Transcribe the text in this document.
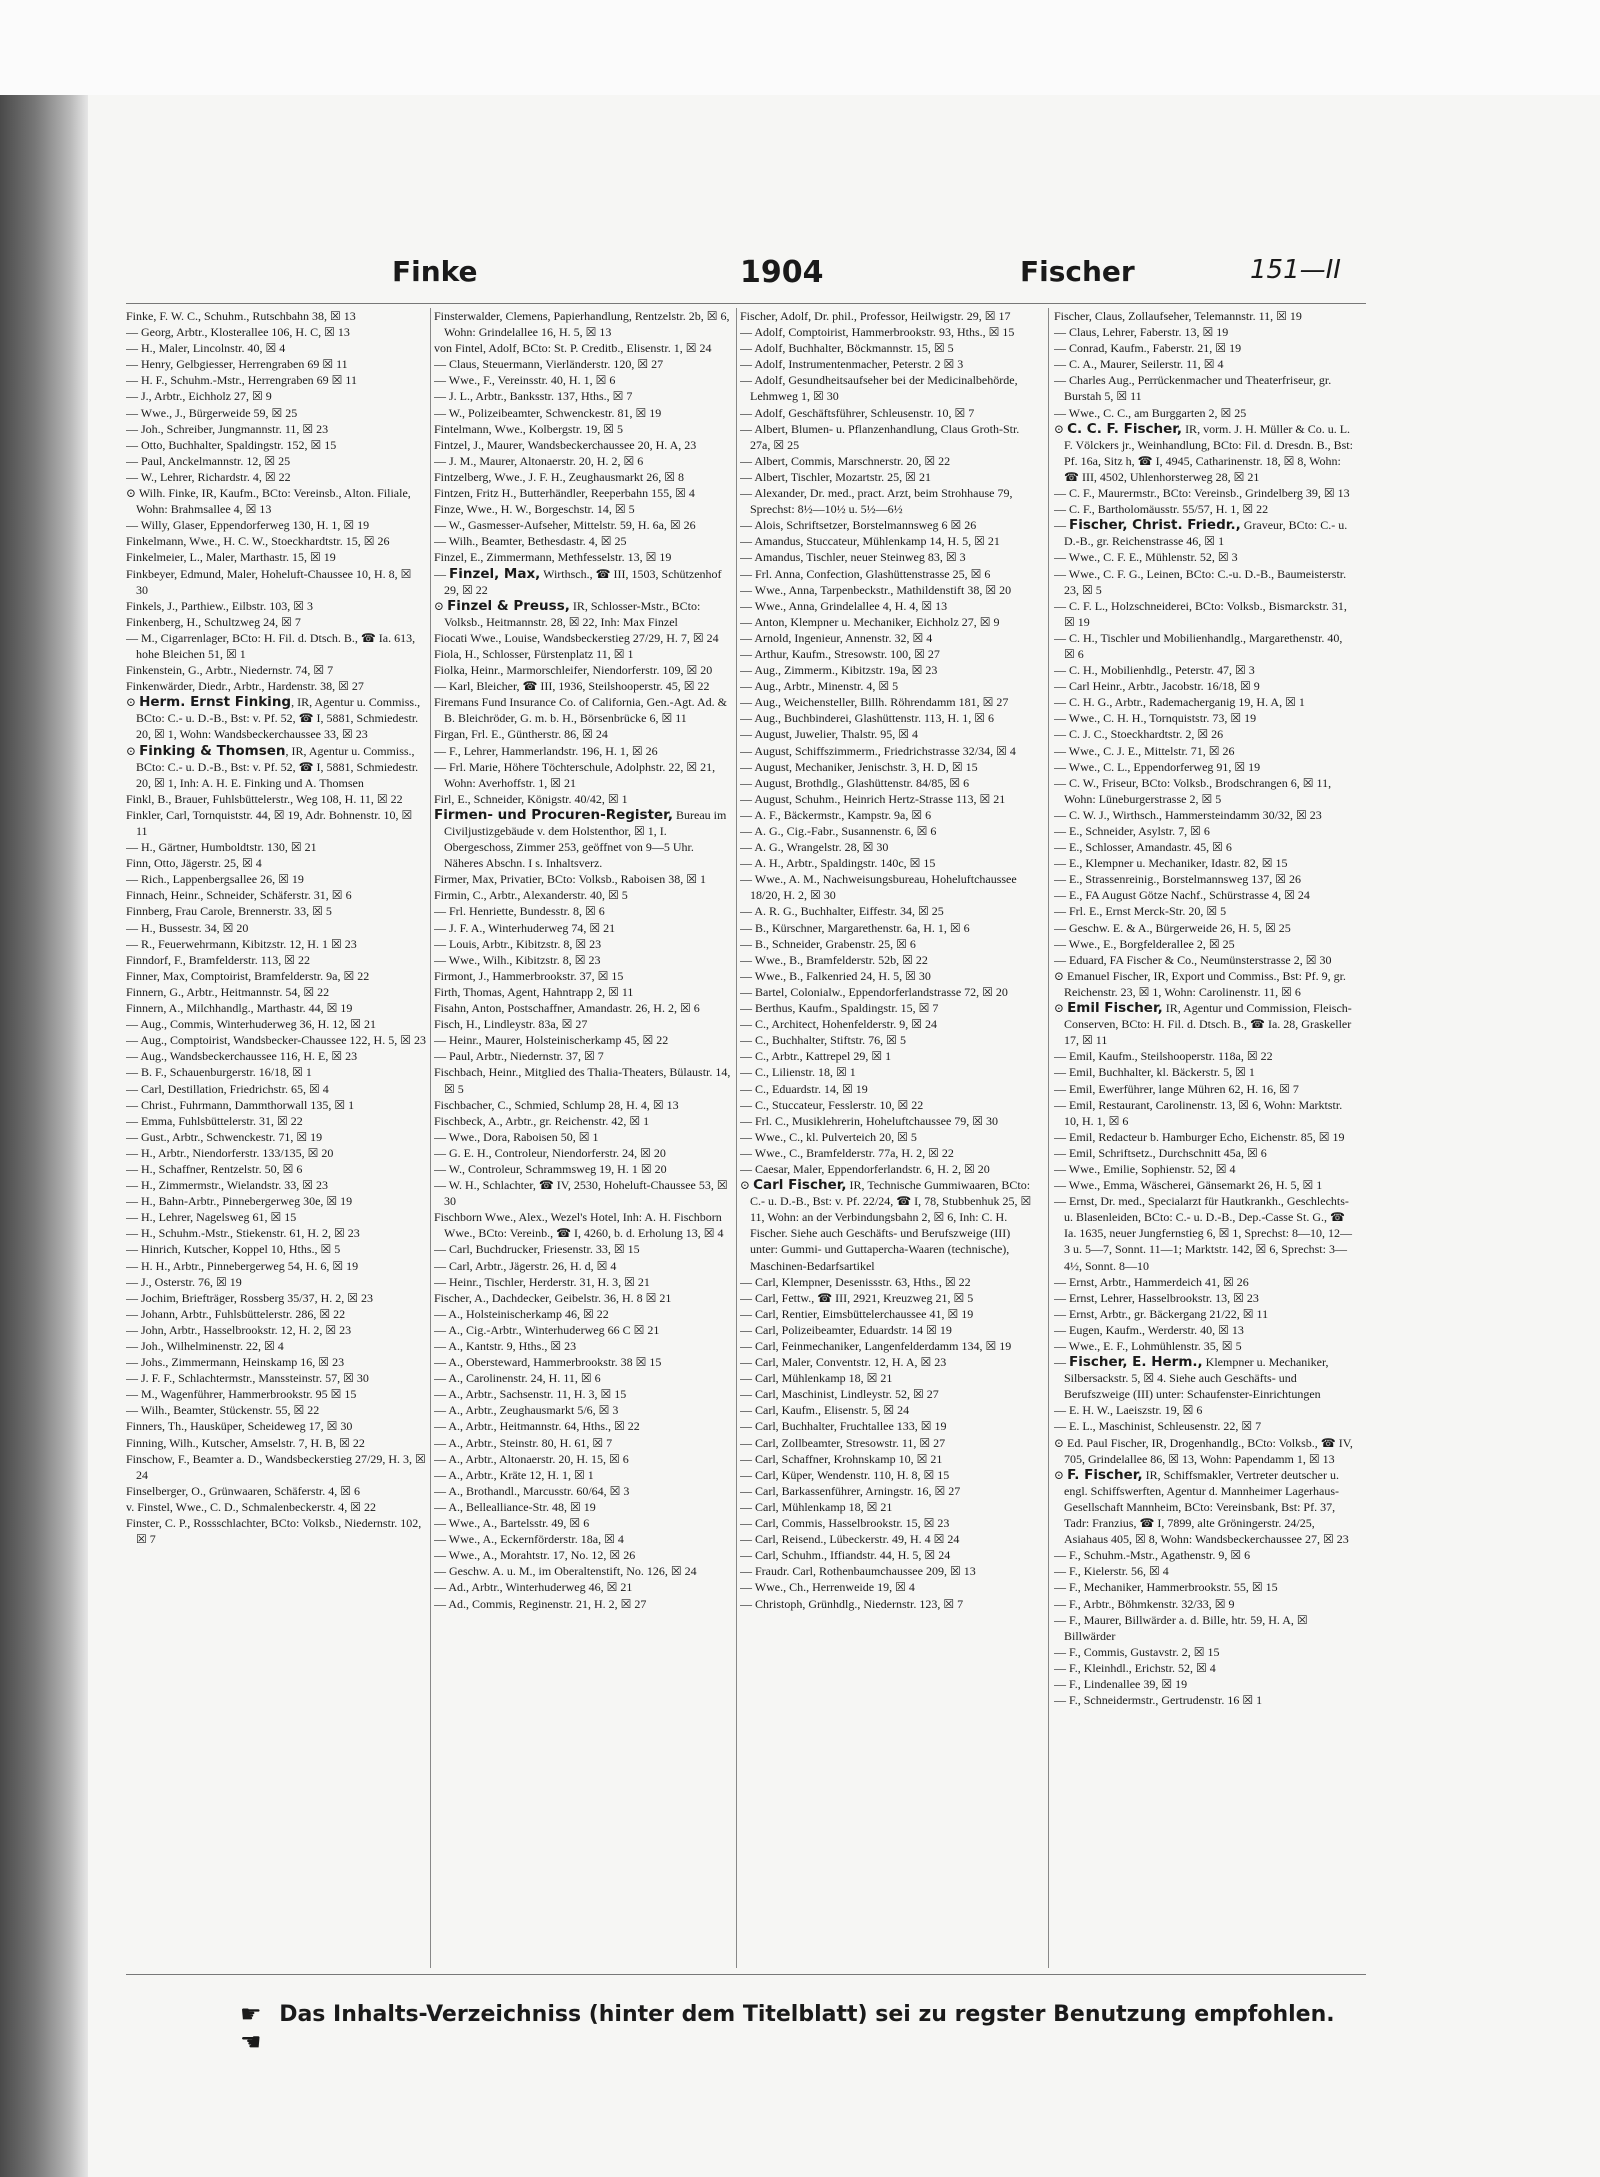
Finke	1904	Fischer	151—II

Finke, F. W. C., Schuhm., Rutschbahn 38, ☒ 13

— Georg, Arbtr., Klosterallee 106, H. C, ☒ 13

— H., Maler, Lincolnstr. 40, ☒ 4

— Henry, Gelbgiesser, Herrengraben 69 ☒ 11

— H. F., Schuhm.-Mstr., Herrengraben 69 ☒ 11

— J., Arbtr., Eichholz 27, ☒ 9

— Wwe., J., Bürgerweide 59, ☒ 25

— Joh., Schreiber, Jungmannstr. 11, ☒ 23

— Otto, Buchhalter, Spaldingstr. 152, ☒ 15

— Paul, Anckelmannstr. 12, ☒ 25

— W., Lehrer, Richardstr. 4, ☒ 22

⊙ Wilh. Finke, IR, Kaufm., BCto: Vereinsb., Alton. Filiale, Wohn: Brahmsallee 4, ☒ 13

— Willy, Glaser, Eppendorferweg 130, H. 1, ☒ 19

Finkelmann, Wwe., H. C. W., Stoeckhardtstr. 15, ☒ 26

Finkelmeier, L., Maler, Marthastr. 15, ☒ 19

Finkbeyer, Edmund, Maler, Hoheluft-Chaussee 10, H. 8, ☒ 30

Finkels, J., Parthiew., Eilbstr. 103, ☒ 3

Finkenberg, H., Schultzweg 24, ☒ 7

— M., Cigarrenlager, BCto: H. Fil. d. Dtsch. B., ☎ Ia. 613, hohe Bleichen 51, ☒ 1

Finkenstein, G., Arbtr., Niedernstr. 74, ☒ 7

Finkenwärder, Diedr., Arbtr., Hardenstr. 38, ☒ 27

⊙ Herm. Ernst Finking, IR, Agentur u. Commiss., BCto: C.- u. D.-B., Bst: v. Pf. 52, ☎ I, 5881, Schmiedestr. 20, ☒ 1, Wohn: Wandsbeckerchaussee 33, ☒ 23

⊙ Finking & Thomsen, IR, Agentur u. Commiss., BCto: C.- u. D.-B., Bst: v. Pf. 52, ☎ I, 5881, Schmiedestr. 20, ☒ 1, Inh: A. H. E. Finking und A. Thomsen

Finkl, B., Brauer, Fuhlsbüttelerstr., Weg 108, H. 11, ☒ 22

Finkler, Carl, Tornquiststr. 44, ☒ 19, Adr. Bohnenstr. 10, ☒ 11

— H., Gärtner, Humboldtstr. 130, ☒ 21

Finn, Otto, Jägerstr. 25, ☒ 4

— Rich., Lappenbergsallee 26, ☒ 19

Finnach, Heinr., Schneider, Schäferstr. 31, ☒ 6

Finnberg, Frau Carole, Brennerstr. 33, ☒ 5

— H., Bussestr. 34, ☒ 20

— R., Feuerwehrmann, Kibitzstr. 12, H. 1 ☒ 23

Finndorf, F., Bramfelderstr. 113, ☒ 22

Finner, Max, Comptoirist, Bramfelderstr. 9a, ☒ 22

Finnern, G., Arbtr., Heitmannstr. 54, ☒ 22

Finnern, A., Milchhandlg., Marthastr. 44, ☒ 19

— Aug., Commis, Winterhuderweg 36, H. 12, ☒ 21

— Aug., Comptoirist, Wandsbecker-Chaussee 122, H. 5, ☒ 23

— Aug., Wandsbeckerchaussee 116, H. E, ☒ 23

— B. F., Schauenburgerstr. 16/18, ☒ 1

— Carl, Destillation, Friedrichstr. 65, ☒ 4

— Christ., Fuhrmann, Dammthorwall 135, ☒ 1

— Emma, Fuhlsbüttelerstr. 31, ☒ 22

— Gust., Arbtr., Schwenckestr. 71, ☒ 19

— H., Arbtr., Niendorferstr. 133/135, ☒ 20

— H., Schaffner, Rentzelstr. 50, ☒ 6

— H., Zimmermstr., Wielandstr. 33, ☒ 23

— H., Bahn-Arbtr., Pinnebergerweg 30e, ☒ 19

— H., Lehrer, Nagelsweg 61, ☒ 15

— H., Schuhm.-Mstr., Stiekenstr. 61, H. 2, ☒ 23

— Hinrich, Kutscher, Koppel 10, Hths., ☒ 5

— H. H., Arbtr., Pinnebergerweg 54, H. 6, ☒ 19

— J., Osterstr. 76, ☒ 19

— Jochim, Briefträger, Rossberg 35/37, H. 2, ☒ 23

— Johann, Arbtr., Fuhlsbüttelerstr. 286, ☒ 22

— John, Arbtr., Hasselbrookstr. 12, H. 2, ☒ 23

— Joh., Wilhelminenstr. 22, ☒ 4

— Johs., Zimmermann, Heinskamp 16, ☒ 23

— J. F. F., Schlachtermstr., Manssteinstr. 57, ☒ 30

— M., Wagenführer, Hammerbrookstr. 95 ☒ 15

— Wilh., Beamter, Stückenstr. 55, ☒ 22

Finners, Th., Hausküper, Scheideweg 17, ☒ 30

Finning, Wilh., Kutscher, Amselstr. 7, H. B, ☒ 22

Finschow, F., Beamter a. D., Wandsbeckerstieg 27/29, H. 3, ☒ 24

Finselberger, O., Grünwaaren, Schäferstr. 4, ☒ 6

v. Finstel, Wwe., C. D., Schmalenbeckerstr. 4, ☒ 22

Finster, C. P., Rossschlachter, BCto: Volksb., Niedernstr. 102, ☒ 7

Finsterwalder, Clemens, Papierhandlung, Rentzelstr. 2b, ☒ 6, Wohn: Grindelallee 16, H. 5, ☒ 13

von Fintel, Adolf, BCto: St. P. Creditb., Elisenstr. 1, ☒ 24

— Claus, Steuermann, Vierländerstr. 120, ☒ 27

— Wwe., F., Vereinsstr. 40, H. 1, ☒ 6

— J. L., Arbtr., Banksstr. 137, Hths., ☒ 7

— W., Polizeibeamter, Schwenckestr. 81, ☒ 19

Fintelmann, Wwe., Kolbergstr. 19, ☒ 5

Fintzel, J., Maurer, Wandsbeckerchaussee 20, H. A, 23

— J. M., Maurer, Altonaerstr. 20, H. 2, ☒ 6

Fintzelberg, Wwe., J. F. H., Zeughausmarkt 26, ☒ 8

Fintzen, Fritz H., Butterhändler, Reeperbahn 155, ☒ 4

Finze, Wwe., H. W., Borgeschstr. 14, ☒ 5

— W., Gasmesser-Aufseher, Mittelstr. 59, H. 6a, ☒ 26

— Wilh., Beamter, Bethesdastr. 4, ☒ 25

Finzel, E., Zimmermann, Methfesselstr. 13, ☒ 19

— Finzel, Max, Wirthsch., ☎ III, 1503, Schützenhof 29, ☒ 22

⊙ Finzel & Preuss, IR, Schlosser-Mstr., BCto: Volksb., Heitmannstr. 28, ☒ 22, Inh: Max Finzel

Fiocati Wwe., Louise, Wandsbeckerstieg 27/29, H. 7, ☒ 24

Fiola, H., Schlosser, Fürstenplatz 11, ☒ 1

Fiolka, Heinr., Marmorschleifer, Niendorferstr. 109, ☒ 20

— Karl, Bleicher, ☎ III, 1936, Steilshooperstr. 45, ☒ 22

Firemans Fund Insurance Co. of California, Gen.-Agt. Ad. & B. Bleichröder, G. m. b. H., Börsenbrücke 6, ☒ 11

Firgan, Frl. E., Güntherstr. 86, ☒ 24

— F., Lehrer, Hammerlandstr. 196, H. 1, ☒ 26

— Frl. Marie, Höhere Töchterschule, Adolphstr. 22, ☒ 21, Wohn: Averhoffstr. 1, ☒ 21

Firl, E., Schneider, Königstr. 40/42, ☒ 1

Firmen- und Procuren-Register, Bureau im Civiljustizgebäude v. dem Holstenthor, ☒ 1, I. Obergeschoss, Zimmer 253, geöffnet von 9—5 Uhr. Näheres Abschn. I s. Inhaltsverz.

Firmer, Max, Privatier, BCto: Volksb., Raboisen 38, ☒ 1

Firmin, C., Arbtr., Alexanderstr. 40, ☒ 5

— Frl. Henriette, Bundesstr. 8, ☒ 6

— J. F. A., Winterhuderweg 74, ☒ 21

— Louis, Arbtr., Kibitzstr. 8, ☒ 23

— Wwe., Wilh., Kibitzstr. 8, ☒ 23

Firmont, J., Hammerbrookstr. 37, ☒ 15

Firth, Thomas, Agent, Hahntrapp 2, ☒ 11

Fisahn, Anton, Postschaffner, Amandastr. 26, H. 2, ☒ 6

Fisch, H., Lindleystr. 83a, ☒ 27

— Heinr., Maurer, Holsteinischerkamp 45, ☒ 22

— Paul, Arbtr., Niedernstr. 37, ☒ 7

Fischbach, Heinr., Mitglied des Thalia-Theaters, Bülaustr. 14, ☒ 5

Fischbacher, C., Schmied, Schlump 28, H. 4, ☒ 13

Fischbeck, A., Arbtr., gr. Reichenstr. 42, ☒ 1

— Wwe., Dora, Raboisen 50, ☒ 1

— G. E. H., Controleur, Niendorferstr. 24, ☒ 20

— W., Controleur, Schrammsweg 19, H. 1 ☒ 20

— W. H., Schlachter, ☎ IV, 2530, Hoheluft-Chaussee 53, ☒ 30

Fischborn Wwe., Alex., Wezel's Hotel, Inh: A. H. Fischborn Wwe., BCto: Vereinb., ☎ I, 4260, b. d. Erholung 13, ☒ 4

— Carl, Buchdrucker, Friesenstr. 33, ☒ 15

— Carl, Arbtr., Jägerstr. 26, H. d, ☒ 4

— Heinr., Tischler, Herderstr. 31, H. 3, ☒ 21

Fischer, A., Dachdecker, Geibelstr. 36, H. 8 ☒ 21

— A., Holsteinischerkamp 46, ☒ 22

— A., Cig.-Arbtr., Winterhuderweg 66 C ☒ 21

— A., Kantstr. 9, Hths., ☒ 23

— A., Obersteward, Hammerbrookstr. 38 ☒ 15

— A., Carolinenstr. 24, H. 11, ☒ 6

— A., Arbtr., Sachsenstr. 11, H. 3, ☒ 15

— A., Arbtr., Zeughausmarkt 5/6, ☒ 3

— A., Arbtr., Heitmannstr. 64, Hths., ☒ 22

— A., Arbtr., Steinstr. 80, H. 61, ☒ 7

— A., Arbtr., Altonaerstr. 20, H. 15, ☒ 6

— A., Arbtr., Kräte 12, H. 1, ☒ 1

— A., Brothandl., Marcusstr. 60/64, ☒ 3

— A., Bellealliance-Str. 48, ☒ 19

— Wwe., A., Bartelsstr. 49, ☒ 6

— Wwe., A., Eckernförderstr. 18a, ☒ 4

— Wwe., A., Morahtstr. 17, No. 12, ☒ 26

— Geschw. A. u. M., im Oberaltenstift, No. 126, ☒ 24

— Ad., Arbtr., Winterhuderweg 46, ☒ 21

— Ad., Commis, Reginenstr. 21, H. 2, ☒ 27

Fischer, Adolf, Dr. phil., Professor, Heilwigstr. 29, ☒ 17

— Adolf, Comptoirist, Hammerbrookstr. 93, Hths., ☒ 15

— Adolf, Buchhalter, Böckmannstr. 15, ☒ 5

— Adolf, Instrumentenmacher, Peterstr. 2 ☒ 3

— Adolf, Gesundheitsaufseher bei der Medicinalbehörde, Lehmweg 1, ☒ 30

— Adolf, Geschäftsführer, Schleusenstr. 10, ☒ 7

— Albert, Blumen- u. Pflanzenhandlung, Claus Groth-Str. 27a, ☒ 25

— Albert, Commis, Marschnerstr. 20, ☒ 22

— Albert, Tischler, Mozartstr. 25, ☒ 21

— Alexander, Dr. med., pract. Arzt, beim Strohhause 79, Sprechst: 8½—10½ u. 5½—6½

— Alois, Schriftsetzer, Borstelmannsweg 6 ☒ 26

— Amandus, Stuccateur, Mühlenkamp 14, H. 5, ☒ 21

— Amandus, Tischler, neuer Steinweg 83, ☒ 3

— Frl. Anna, Confection, Glashüttenstrasse 25, ☒ 6

— Wwe., Anna, Tarpenbeckstr., Mathildenstift 38, ☒ 20

— Wwe., Anna, Grindelallee 4, H. 4, ☒ 13

— Anton, Klempner u. Mechaniker, Eichholz 27, ☒ 9

— Arnold, Ingenieur, Annenstr. 32, ☒ 4

— Arthur, Kaufm., Stresowstr. 100, ☒ 27

— Aug., Zimmerm., Kibitzstr. 19a, ☒ 23

— Aug., Arbtr., Minenstr. 4, ☒ 5

— Aug., Weichensteller, Billh. Röhrendamm 181, ☒ 27

— Aug., Buchbinderei, Glashüttenstr. 113, H. 1, ☒ 6

— August, Juwelier, Thalstr. 95, ☒ 4

— August, Schiffszimmerm., Friedrichstrasse 32/34, ☒ 4

— August, Mechaniker, Jenischstr. 3, H. D, ☒ 15

— August, Brothdlg., Glashüttenstr. 84/85, ☒ 6

— August, Schuhm., Heinrich Hertz-Strasse 113, ☒ 21

— A. F., Bäckermstr., Kampstr. 9a, ☒ 6

— A. G., Cig.-Fabr., Susannenstr. 6, ☒ 6

— A. G., Wrangelstr. 28, ☒ 30

— A. H., Arbtr., Spaldingstr. 140c, ☒ 15

— Wwe., A. M., Nachweisungsbureau, Hoheluftchaussee 18/20, H. 2, ☒ 30

— A. R. G., Buchhalter, Eiffestr. 34, ☒ 25

— B., Kürschner, Margarethenstr. 6a, H. 1, ☒ 6

— B., Schneider, Grabenstr. 25, ☒ 6

— Wwe., B., Bramfelderstr. 52b, ☒ 22

— Wwe., B., Falkenried 24, H. 5, ☒ 30

— Bartel, Colonialw., Eppendorferlandstrasse 72, ☒ 20

— Berthus, Kaufm., Spaldingstr. 15, ☒ 7

— C., Architect, Hohenfelderstr. 9, ☒ 24

— C., Buchhalter, Stiftstr. 76, ☒ 5

— C., Arbtr., Kattrepel 29, ☒ 1

— C., Lilienstr. 18, ☒ 1

— C., Eduardstr. 14, ☒ 19

— C., Stuccateur, Fesslerstr. 10, ☒ 22

— Frl. C., Musiklehrerin, Hoheluftchaussee 79, ☒ 30

— Wwe., C., kl. Pulverteich 20, ☒ 5

— Wwe., C., Bramfelderstr. 77a, H. 2, ☒ 22

— Caesar, Maler, Eppendorferlandstr. 6, H. 2, ☒ 20

⊙ Carl Fischer, IR, Technische Gummiwaaren, BCto: C.- u. D.-B., Bst: v. Pf. 22/24, ☎ I, 78, Stubbenhuk 25, ☒ 11, Wohn: an der Verbindungsbahn 2, ☒ 6, Inh: C. H. Fischer. Siehe auch Geschäfts- und Berufszweige (III) unter: Gummi- und Guttapercha-Waaren (technische), Maschinen-Bedarfsartikel

— Carl, Klempner, Desenissstr. 63, Hths., ☒ 22

— Carl, Fettw., ☎ III, 2921, Kreuzweg 21, ☒ 5

— Carl, Rentier, Eimsbüttelerchaussee 41, ☒ 19

— Carl, Polizeibeamter, Eduardstr. 14 ☒ 19

— Carl, Feinmechaniker, Langenfelderdamm 134, ☒ 19

— Carl, Maler, Conventstr. 12, H. A, ☒ 23

— Carl, Mühlenkamp 18, ☒ 21

— Carl, Maschinist, Lindleystr. 52, ☒ 27

— Carl, Kaufm., Elisenstr. 5, ☒ 24

— Carl, Buchhalter, Fruchtallee 133, ☒ 19

— Carl, Zollbeamter, Stresowstr. 11, ☒ 27

— Carl, Schaffner, Krohnskamp 10, ☒ 21

— Carl, Küper, Wendenstr. 110, H. 8, ☒ 15

— Carl, Barkassenführer, Arningstr. 16, ☒ 27

— Carl, Mühlenkamp 18, ☒ 21

— Carl, Commis, Hasselbrookstr. 15, ☒ 23

— Carl, Reisend., Lübeckerstr. 49, H. 4 ☒ 24

— Carl, Schuhm., Iffiandstr. 44, H. 5, ☒ 24

— Fraudr. Carl, Rothenbaumchaussee 209, ☒ 13

— Wwe., Ch., Herrenweide 19, ☒ 4

— Christoph, Grünhdlg., Niedernstr. 123, ☒ 7

Fischer, Claus, Zollaufseher, Telemannstr. 11, ☒ 19

— Claus, Lehrer, Faberstr. 13, ☒ 19

— Conrad, Kaufm., Faberstr. 21, ☒ 19

— C. A., Maurer, Seilerstr. 11, ☒ 4

— Charles Aug., Perrückenmacher und Theaterfriseur, gr. Burstah 5, ☒ 11

— Wwe., C. C., am Burggarten 2, ☒ 25

⊙ C. C. F. Fischer, IR, vorm. J. H. Müller & Co. u. L. F. Völckers jr., Weinhandlung, BCto: Fil. d. Dresdn. B., Bst: Pf. 16a, Sitz h, ☎ I, 4945, Catharinenstr. 18, ☒ 8, Wohn: ☎ III, 4502, Uhlenhorsterweg 28, ☒ 21

— C. F., Maurermstr., BCto: Vereinsb., Grindelberg 39, ☒ 13

— C. F., Bartholomäusstr. 55/57, H. 1, ☒ 22

— Fischer, Christ. Friedr., Graveur, BCto: C.- u. D.-B., gr. Reichenstrasse 46, ☒ 1

— Wwe., C. F. E., Mühlenstr. 52, ☒ 3

— Wwe., C. F. G., Leinen, BCto: C.-u. D.-B., Baumeisterstr. 23, ☒ 5

— C. F. L., Holzschneiderei, BCto: Volksb., Bismarckstr. 31, ☒ 19

— C. H., Tischler und Mobilienhandlg., Margarethenstr. 40, ☒ 6

— C. H., Mobilienhdlg., Peterstr. 47, ☒ 3

— Carl Heinr., Arbtr., Jacobstr. 16/18, ☒ 9

— C. H. G., Arbtr., Rademacherganig 19, H. A, ☒ 1

— Wwe., C. H. H., Tornquiststr. 73, ☒ 19

— C. J. C., Stoeckhardtstr. 2, ☒ 26

— Wwe., C. J. E., Mittelstr. 71, ☒ 26

— Wwe., C. L., Eppendorferweg 91, ☒ 19

— C. W., Friseur, BCto: Volksb., Brodschrangen 6, ☒ 11, Wohn: Lüneburgerstrasse 2, ☒ 5

— C. W. J., Wirthsch., Hammersteindamm 30/32, ☒ 23

— E., Schneider, Asylstr. 7, ☒ 6

— E., Schlosser, Amandastr. 45, ☒ 6

— E., Klempner u. Mechaniker, Idastr. 82, ☒ 15

— E., Strassenreinig., Borstelmannsweg 137, ☒ 26

— E., FA August Götze Nachf., Schürstrasse 4, ☒ 24

— Frl. E., Ernst Merck-Str. 20, ☒ 5

— Geschw. E. & A., Bürgerweide 26, H. 5, ☒ 25

— Wwe., E., Borgfelderallee 2, ☒ 25

— Eduard, FA Fischer & Co., Neumünsterstrasse 2, ☒ 30

⊙ Emanuel Fischer, IR, Export und Commiss., Bst: Pf. 9, gr. Reichenstr. 23, ☒ 1, Wohn: Carolinenstr. 11, ☒ 6

⊙ Emil Fischer, IR, Agentur und Commission, Fleisch-Conserven, BCto: H. Fil. d. Dtsch. B., ☎ Ia. 28, Graskeller 17, ☒ 11

— Emil, Kaufm., Steilshooperstr. 118a, ☒ 22

— Emil, Buchhalter, kl. Bäckerstr. 5, ☒ 1

— Emil, Ewerführer, lange Mühren 62, H. 16, ☒ 7

— Emil, Restaurant, Carolinenstr. 13, ☒ 6, Wohn: Marktstr. 10, H. 1, ☒ 6

— Emil, Redacteur b. Hamburger Echo, Eichenstr. 85, ☒ 19

— Emil, Schriftsetz., Durchschnitt 45a, ☒ 6

— Wwe., Emilie, Sophienstr. 52, ☒ 4

— Wwe., Emma, Wäscherei, Gänsemarkt 26, H. 5, ☒ 1

— Ernst, Dr. med., Specialarzt für Hautkrankh., Geschlechts- u. Blasenleiden, BCto: C.- u. D.-B., Dep.-Casse St. G., ☎ Ia. 1635, neuer Jungfernstieg 6, ☒ 1, Sprechst: 8—10, 12—3 u. 5—7, Sonnt. 11—1; Marktstr. 142, ☒ 6, Sprechst: 3—4½, Sonnt. 8—10

— Ernst, Arbtr., Hammerdeich 41, ☒ 26

— Ernst, Lehrer, Hasselbrookstr. 13, ☒ 23

— Ernst, Arbtr., gr. Bäckergang 21/22, ☒ 11

— Eugen, Kaufm., Werderstr. 40, ☒ 13

— Wwe., E. F., Lohmühlenstr. 35, ☒ 5

— Fischer, E. Herm., Klempner u. Mechaniker, Silbersackstr. 5, ☒ 4. Siehe auch Geschäfts- und Berufszweige (III) unter: Schaufenster-Einrichtungen

— E. H. W., Laeiszstr. 19, ☒ 6

— E. L., Maschinist, Schleusenstr. 22, ☒ 7

⊙ Ed. Paul Fischer, IR, Drogenhandlg., BCto: Volksb., ☎ IV, 705, Grindelallee 86, ☒ 13, Wohn: Papendamm 1, ☒ 13

⊙ F. Fischer, IR, Schiffsmakler, Vertreter deutscher u. engl. Schiffswerften, Agentur d. Mannheimer Lagerhaus-Gesellschaft Mannheim, BCto: Vereinsbank, Bst: Pf. 37, Tadr: Franzius, ☎ I, 7899, alte Gröningerstr. 24/25, Asiahaus 405, ☒ 8, Wohn: Wandsbeckerchaussee 27, ☒ 23

— F., Schuhm.-Mstr., Agathenstr. 9, ☒ 6

— F., Kielerstr. 56, ☒ 4

— F., Mechaniker, Hammerbrookstr. 55, ☒ 15

— F., Arbtr., Böhmkenstr. 32/33, ☒ 9

— F., Maurer, Billwärder a. d. Bille, htr. 59, H. A, ☒ Billwärder

— F., Commis, Gustavstr. 2, ☒ 15

— F., Kleinhdl., Erichstr. 52, ☒ 4

— F., Lindenallee 39, ☒ 19

— F., Schneidermstr., Gertrudenstr. 16 ☒ 1

☛ Das Inhalts-Verzeichniss (hinter dem Titelblatt) sei zu regster Benutzung empfohlen. ☚
